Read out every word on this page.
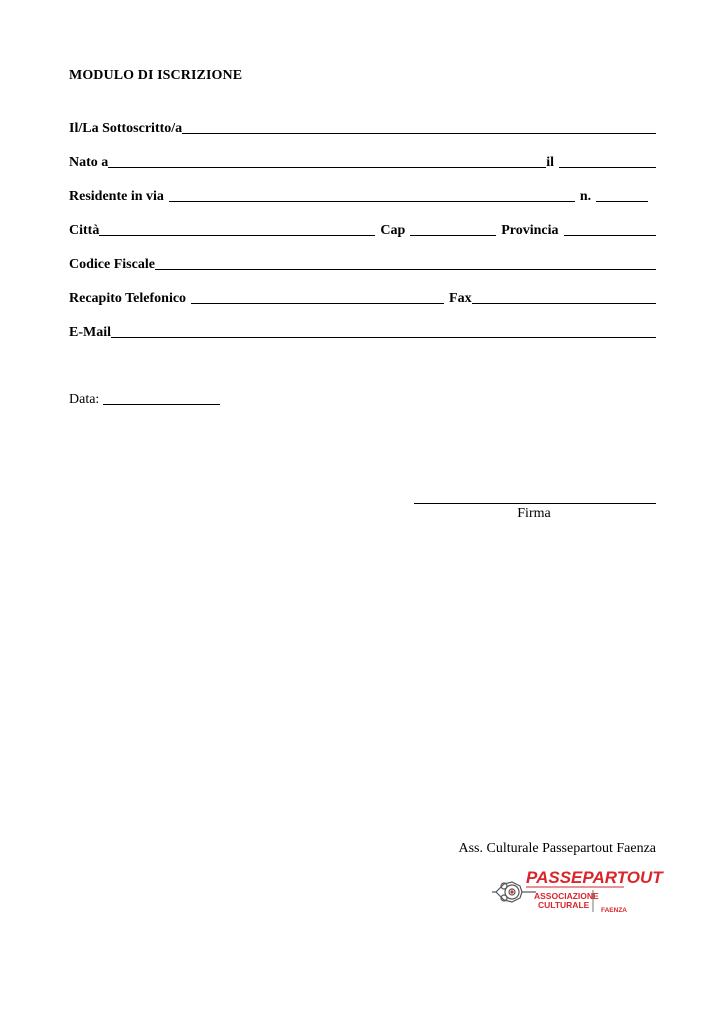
MODULO DI ISCRIZIONE
Il/La Sottoscritto/a
Nato a	il
Residente in via	n.
Città	Cap	Provincia
Codice Fiscale
Recapito Telefonico	Fax
E-Mail
Data:
Firma
Ass. Culturale Passepartout Faenza
PASSEPARTOUT
ASSOCIAZIONE
CULTURALE
FAENZA
